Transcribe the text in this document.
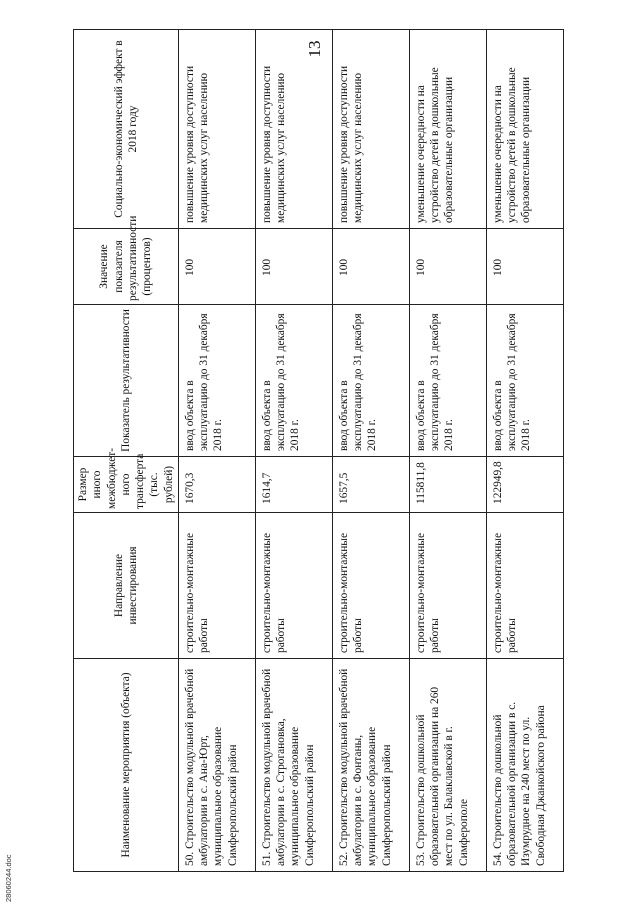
13
Наименование мероприятия (объекта)	Направление инвестирования	Размер иного межбюджет-ного трансферта (тыс. рублей)	Показатель результативности	Значение показателя результативности (процентов)	Социально-экономический эффект в 2018 году
50. Строительство модульной врачебной амбулатории в с. Ана-Юрт, муниципальное образование Симферопольский район	строительно-монтажные работы	1670,3	ввод объекта в эксплуатацию до 31 декабря 2018 г.	100	повышение уровня доступности медицинских услуг населению
51. Строительство модульной врачебной амбулатории в с. Строгановка, муниципальное образование Симферопольский район	строительно-монтажные работы	1614,7	ввод объекта в эксплуатацию до 31 декабря 2018 г.	100	повышение уровня доступности медицинских услуг населению
52. Строительство модульной врачебной амбулатории в с. Фонтаны, муниципальное образование Симферопольский район	строительно-монтажные работы	1657,5	ввод объекта в эксплуатацию до 31 декабря 2018 г.	100	повышение уровня доступности медицинских услуг населению
53. Строительство дошкольной образовательной организации на 260 мест по ул. Балаклавской в г. Симферополе	строительно-монтажные работы	115811,8	ввод объекта в эксплуатацию до 31 декабря 2018 г.	100	уменьшение очередности на устройство детей в дошкольные образовательные организации
54. Строительство дошкольной образовательной организации в с. Изумрудное на 240 мест по ул. Свободная Джанкойского района	строительно-монтажные работы	122949,8	ввод объекта в эксплуатацию до 31 декабря 2018 г.	100	уменьшение очередности на устройство детей в дошкольные образовательные организации
28060244.doc
